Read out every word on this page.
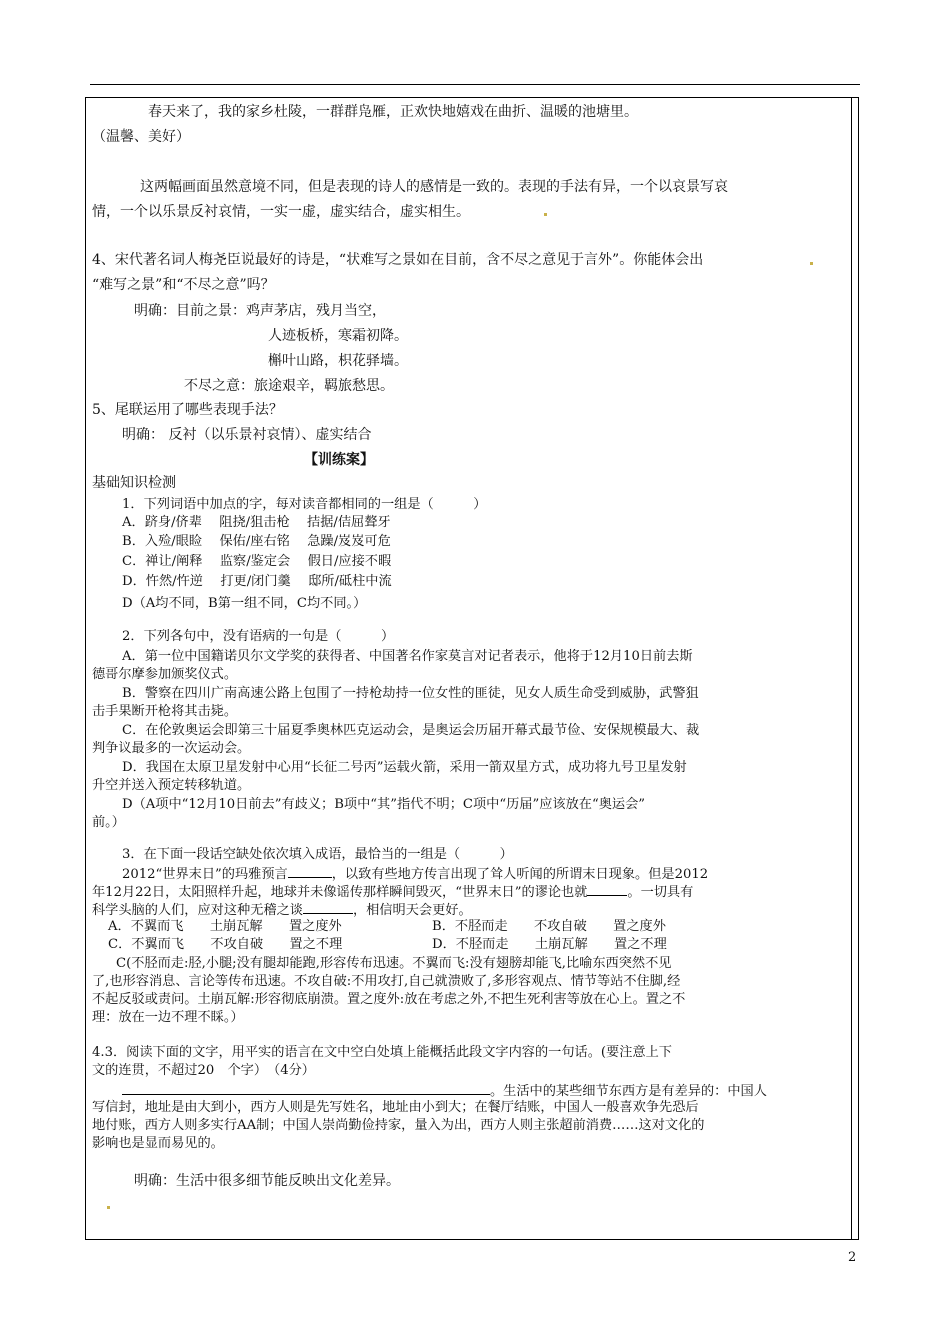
春天来了，我的家乡杜陵，一群群凫雁，正欢快地嬉戏在曲折、温暖的池塘里。
（温馨、美好）
这两幅画面虽然意境不同，但是表现的诗人的感情是一致的。表现的手法有异，一个以哀景写哀
情，一个以乐景反衬哀情，一实一虚，虚实结合，虚实相生。
4、宋代著名词人梅尧臣说最好的诗是，“状难写之景如在目前，含不尽之意见于言外”。你能体会出
“难写之景”和“不尽之意”吗？
明确：目前之景：鸡声茅店，残月当空，
人迹板桥，寒霜初降。
槲叶山路，枳花驿墙。
不尽之意：旅途艰辛，羁旅愁思。
5、尾联运用了哪些表现手法？
明确： 反衬（以乐景衬哀情）、虚实结合
【训练案】
基础知识检测
1．下列词语中加点的字，每对读音都相同的一组是（　　　）
A．跻身/侪辈　 阻挠/狙击枪　 拮据/佶屈聱牙
B．入殓/眼睑　 保佑/座右铭　 急躁/岌岌可危
C．禅让/阐释　 监察/鉴定会　 假日/应接不暇
D．忤然/忤逆　 打更/闭门羹　 邸所/砥柱中流
D（A均不同，B第一组不同，C均不同。）
2．下列各句中，没有语病的一句是（　　　）
A．第一位中国籍诺贝尔文学奖的获得者、中国著名作家莫言对记者表示，他将于12月10日前去斯
德哥尔摩参加颁奖仪式。
B．警察在四川广南高速公路上包围了一持枪劫持一位女性的匪徒，见女人质生命受到威胁，武警狙
击手果断开枪将其击毙。
C．在伦敦奥运会即第三十届夏季奥林匹克运动会，是奥运会历届开幕式最节俭、安保规模最大、裁
判争议最多的一次运动会。
D．我国在太原卫星发射中心用“长征二号丙”运载火箭，采用一箭双星方式，成功将九号卫星发射
升空并送入预定转移轨道。
D（A项中“12月10日前去”有歧义；B项中“其”指代不明；C项中“历届”应该放在“奥运会”
前。）
3．在下面一段话空缺处依次填入成语，最恰当的一组是（　　　）
2012“世界末日”的玛雅预言	，以致有些地方传言出现了耸人听闻的所谓末日现象。但是2012
年12月22日，太阳照样升起，地球并未像谣传那样瞬间毁灭，“世界末日”的谬论也就	。一切具有
科学头脑的人们，应对这种无稽之谈	，相信明天会更好。
A．不翼而飞　　土崩瓦解　　置之度外	B．不胫而走　　不攻自破　　置之度外
C．不翼而飞　　不攻自破　　置之不理	D．不胫而走　　土崩瓦解　　置之不理
C(不胫而走:胫,小腿;没有腿却能跑,形容传布迅速。不翼而飞:没有翅膀却能飞,比喻东西突然不见
了,也形容消息、言论等传布迅速。不攻自破:不用攻打,自己就溃败了,多形容观点、情节等站不住脚,经
不起反驳或责问。土崩瓦解:形容彻底崩溃。置之度外:放在考虑之外,不把生死利害等放在心上。置之不
理：放在一边不理不睬。）
4.3．阅读下面的文字，用平实的语言在文中空白处填上能概括此段文字内容的一句话。(要注意上下
文的连贯，不超过20　个字）　（4分）
。生活中的某些细节东西方是有差异的：中国人
写信封，地址是由大到小，西方人则是先写姓名，地址由小到大；在餐厅结账，中国人一般喜欢争先恐后
地付账，西方人则多实行AA制；中国人崇尚勤俭持家，量入为出，西方人则主张超前消费……这对文化的
影响也是显而易见的。
明确：生活中很多细节能反映出文化差异。
2
